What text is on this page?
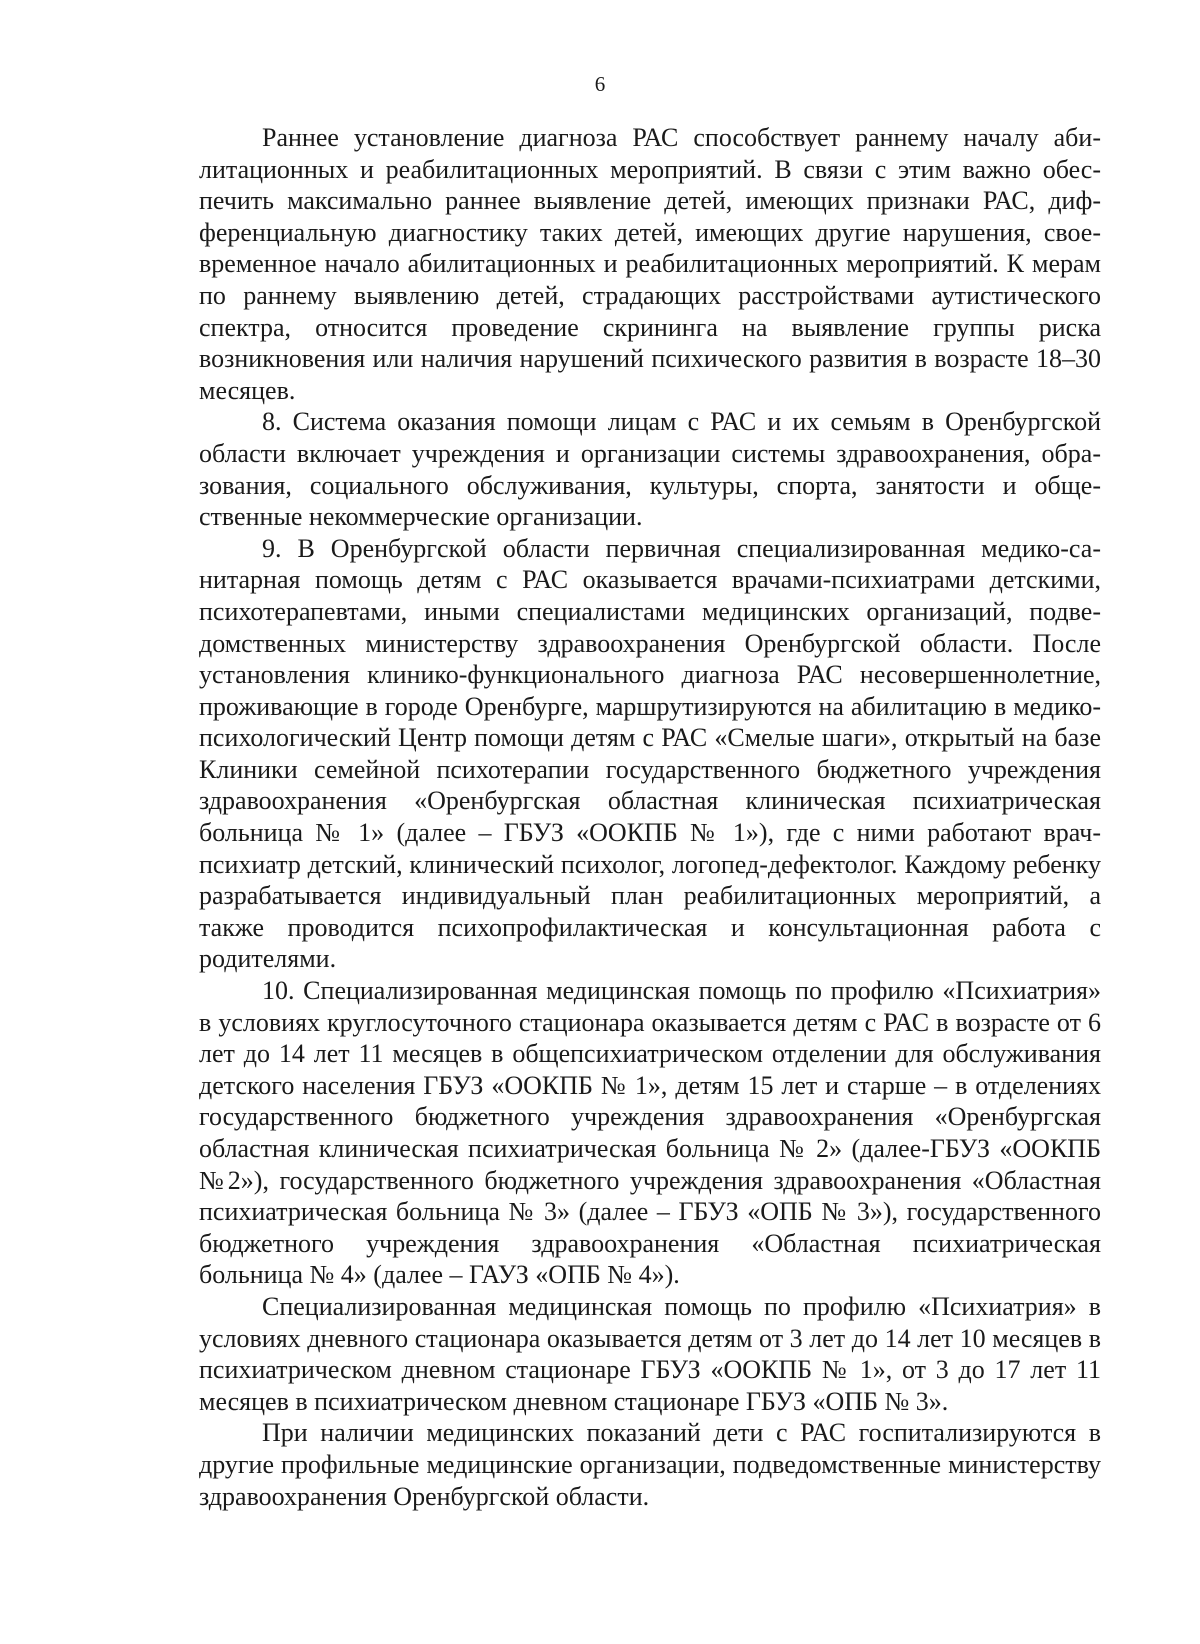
6

Раннее установление диагноза РАС способствует раннему началу абилитационных и реабилитационных мероприятий. В связи с этим важно обеспечить максимально раннее выявление детей, имеющих признаки РАС, дифференциальную диагностику таких детей, имеющих другие нарушения, своевременное начало абилитационных и реабилитационных мероприятий. К мерам по раннему выявлению детей, страдающих расстройствами аутистического спектра, относится проведение скрининга на выявление группы риска возникновения или наличия нарушений психического развития в возрасте 18–30 месяцев.

8. Система оказания помощи лицам с РАС и их семьям в Оренбургской области включает учреждения и организации системы здравоохранения, образования, социального обслуживания, культуры, спорта, занятости и общественные некоммерческие организации.

9. В Оренбургской области первичная специализированная медико-санитарная помощь детям с РАС оказывается врачами-психиатрами детскими, психотерапевтами, иными специалистами медицинских организаций, подведомственных министерству здравоохранения Оренбургской области. После установления клинико-функционального диагноза РАС несовершеннолетние, проживающие в городе Оренбурге, маршрутизируются на абилитацию в медико-психологический Центр помощи детям с РАС «Смелые шаги», открытый на базе Клиники семейной психотерапии государственного бюджетного учреждения здравоохранения «Оренбургская областная клиническая психиатрическая больница № 1» (далее – ГБУЗ «ООКПБ № 1»), где с ними работают врач-психиатр детский, клинический психолог, логопед-дефектолог. Каждому ребенку разрабатывается индивидуальный план реабилитационных мероприятий, а также проводится психопрофилактическая и консультационная работа с родителями.

10. Специализированная медицинская помощь по профилю «Психиатрия» в условиях круглосуточного стационара оказывается детям с РАС в возрасте от 6 лет до 14 лет 11 месяцев в общепсихиатрическом отделении для обслуживания детского населения ГБУЗ «ООКПБ № 1», детям 15 лет и старше – в отделениях государственного бюджетного учреждения здравоохранения «Оренбургская областная клиническая психиатрическая больница № 2» (далее-ГБУЗ «ООКПБ №2»), государственного бюджетного учреждения здравоохранения «Областная психиатрическая больница № 3» (далее – ГБУЗ «ОПБ № 3»), государственного бюджетного учреждения здравоохранения «Областная психиатрическая больница № 4» (далее – ГАУЗ «ОПБ № 4»).

Специализированная медицинская помощь по профилю «Психиатрия» в условиях дневного стационара оказывается детям от 3 лет до 14 лет 10 месяцев в психиатрическом дневном стационаре ГБУЗ «ООКПБ № 1», от 3 до 17 лет 11 месяцев в психиатрическом дневном стационаре ГБУЗ «ОПБ № 3».

При наличии медицинских показаний дети с РАС госпитализируются в другие профильные медицинские организации, подведомственные министерству здравоохранения Оренбургской области.
